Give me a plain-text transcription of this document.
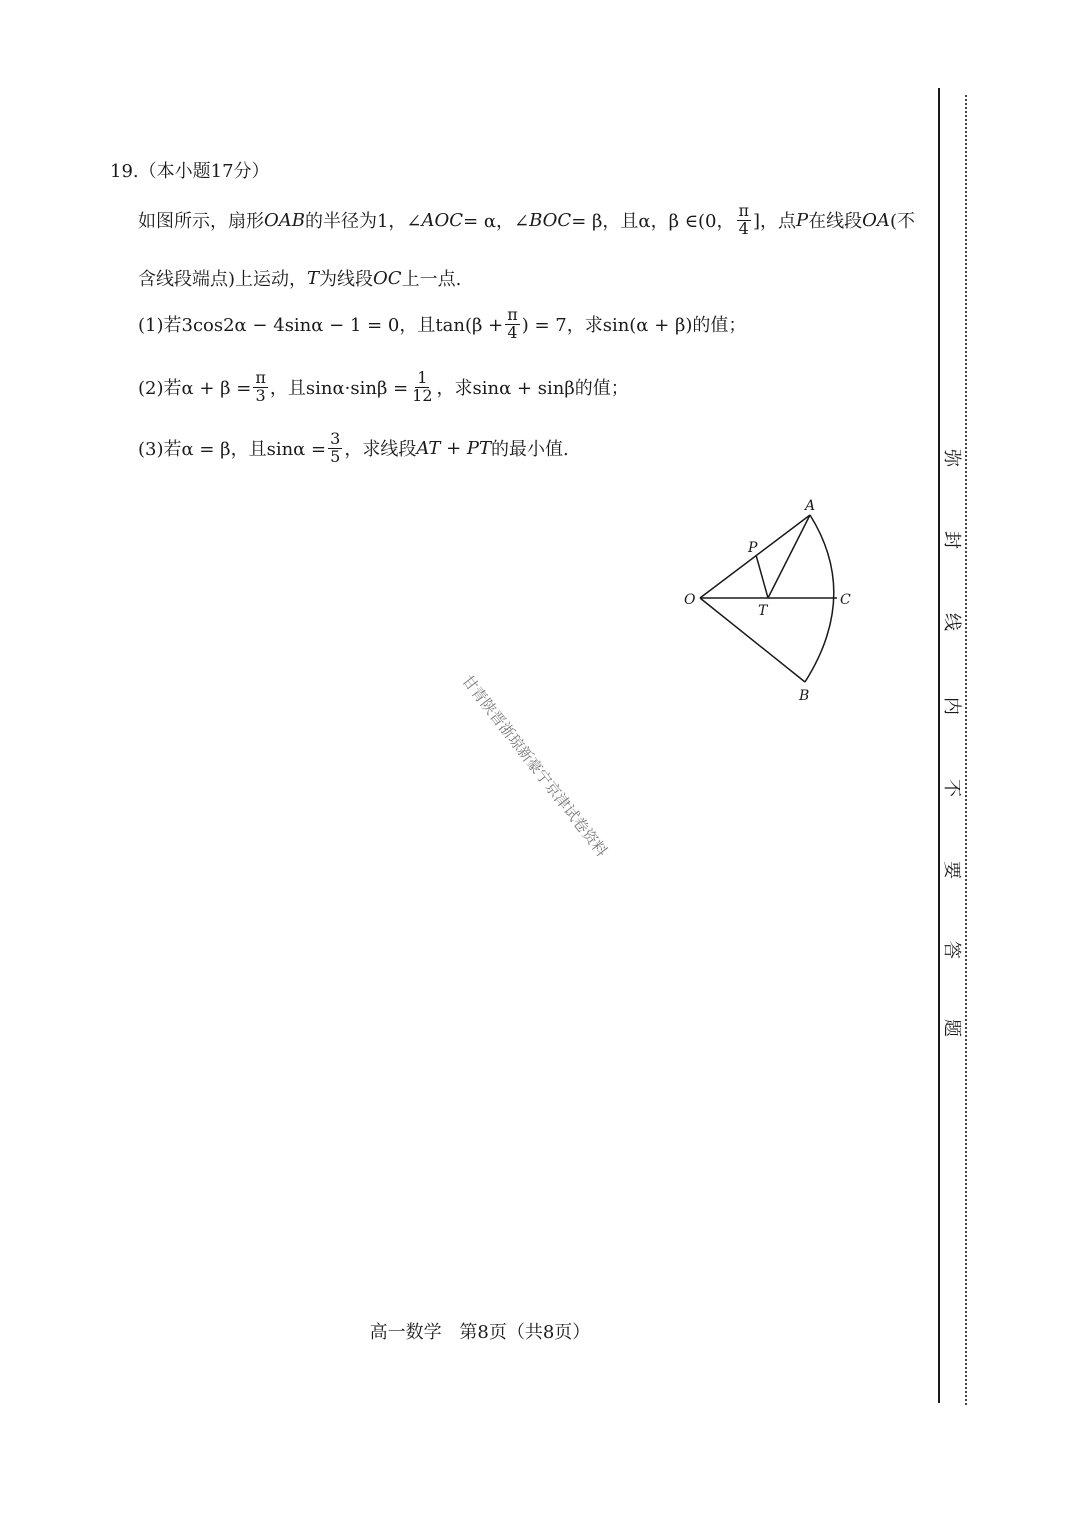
19.（本小题17分）
如图所示，扇形 OAB 的半径为1，∠ AOC = α，∠ BOC = β，且α，β ∈(0， $\frac{\pi}{4}$ ]，点 P 在线段 OA (不
含线段端点)上运动， T 为线段 OC 上一点.
(1)若3cos2α − 4sinα − 1 = 0，且$\tan(\beta + \frac{\pi}{4}$ ) = 7，求sin(α + β)的值；
(2)若$\alpha + \beta = \frac{\pi}{3}$ ，且$\sin\alpha\cdot\sin\beta = \frac{1}{12}$ ，求sinα + sinβ的值；
(3)若α = β，且$\sin\alpha = \frac{3}{5}$ ，求线段 AT + PT 的最小值.
O
A
P
T
C
B
甘青陕晋浙琼新豪宁京津试卷资料
高一数学 第8页（共8页）
弥
封
线
内
不
要
答
题
